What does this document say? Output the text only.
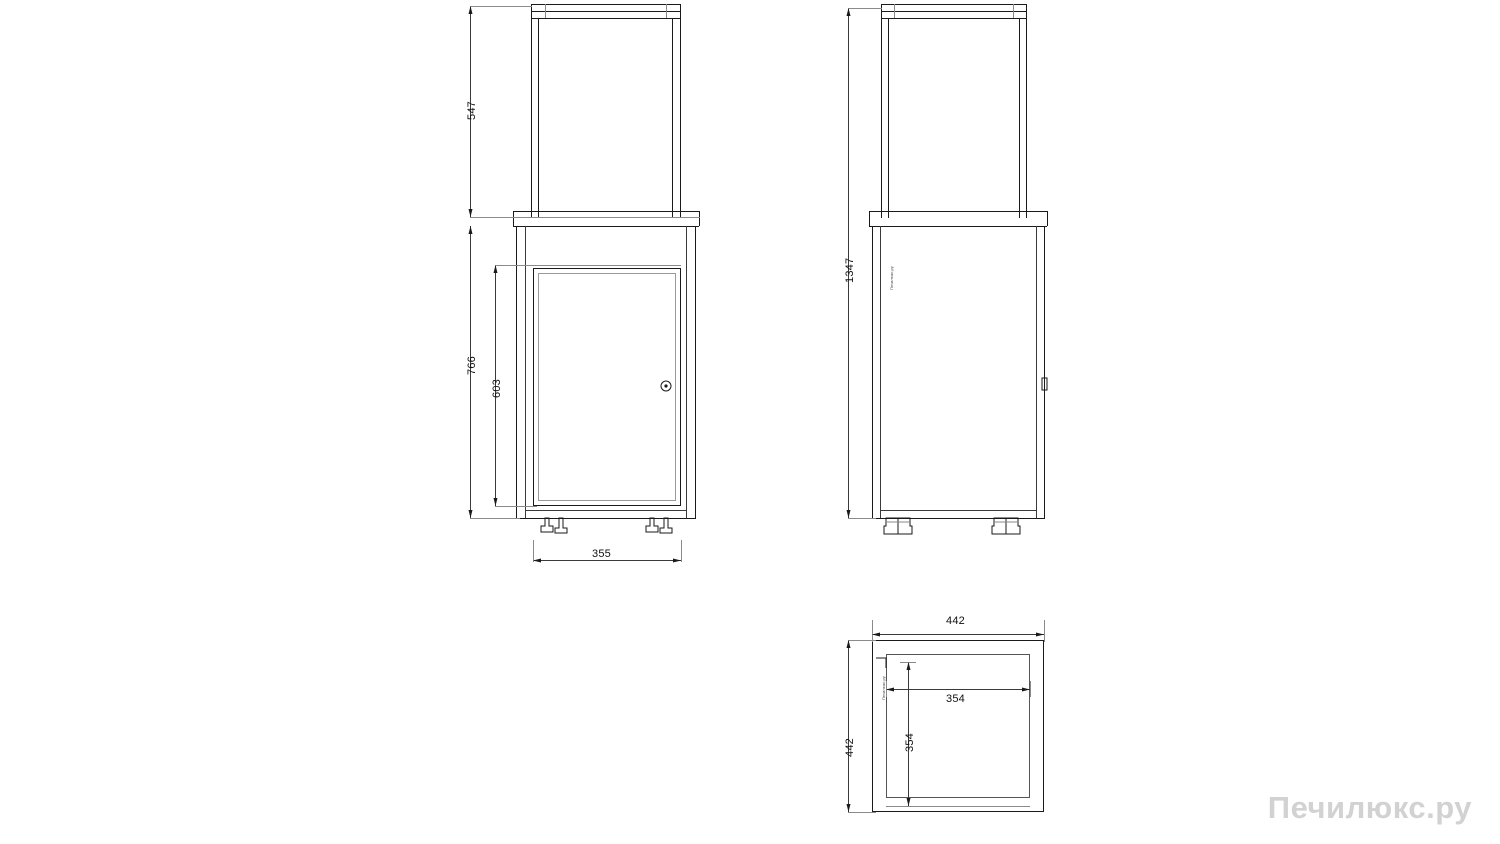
547
766
603
355
Печилюкс.ру
1347
Печилюкс.ру
442
442
354
354
Печилюкс.ру
